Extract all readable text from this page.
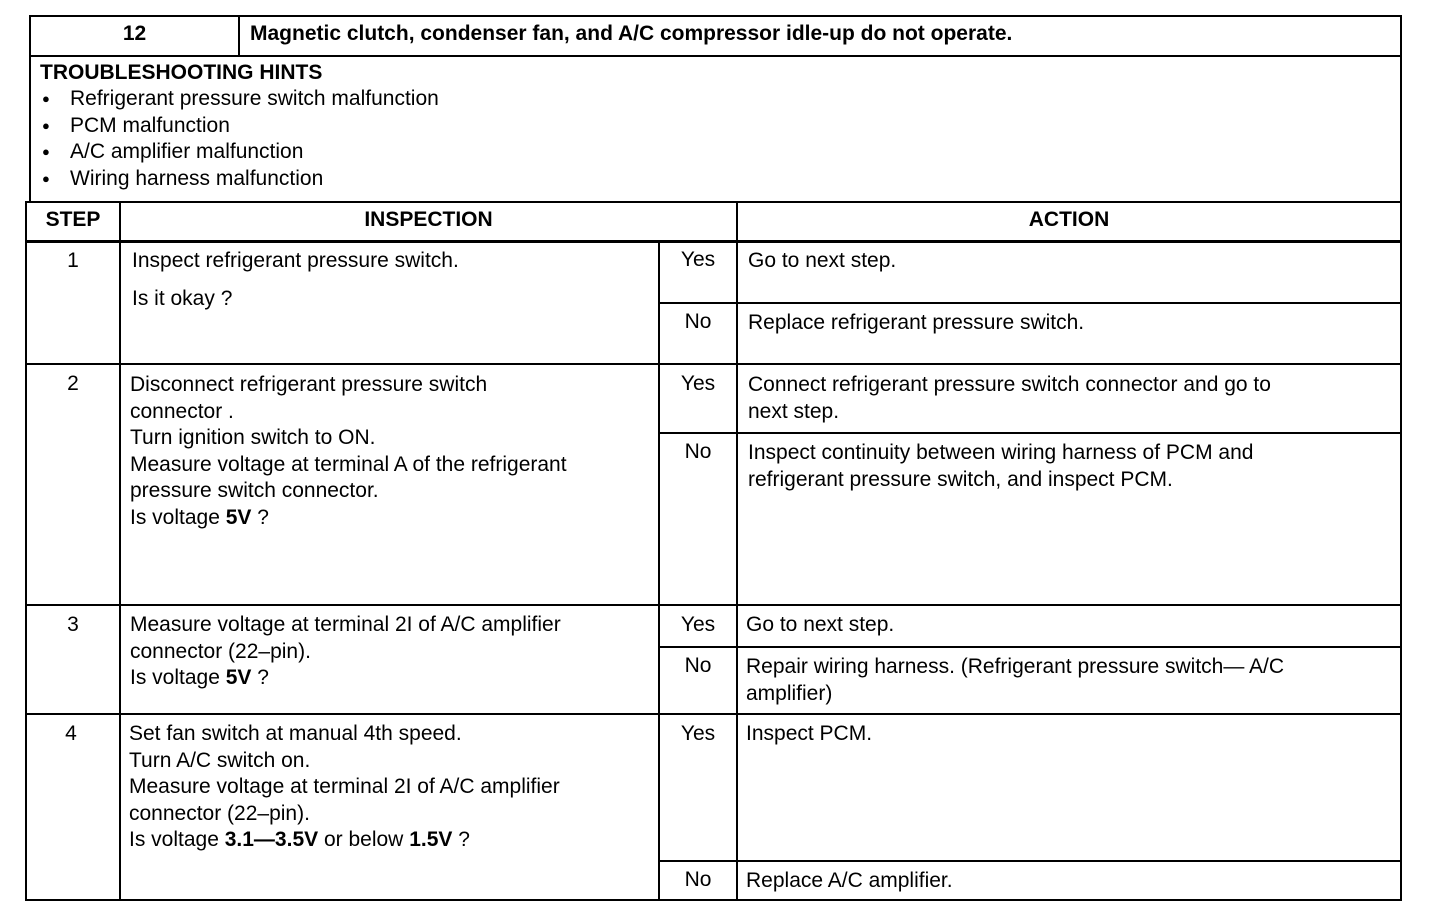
12	Magnetic clutch, condenser fan, and A/C compressor idle-up do not operate.
TROUBLESHOOTING HINTS
● Refrigerant pressure switch malfunction
● PCM malfunction
● A/C amplifier malfunction
● Wiring harness malfunction
STEP	INSPECTION	ACTION
1	Inspect refrigerant pressure switch.
Is it okay ?
Yes	Go to next step.
No	Replace refrigerant pressure switch.
2	Disconnect refrigerant pressure switch
connector .
Turn ignition switch to ON.
Measure voltage at terminal A of the refrigerant
pressure switch connector.
Is voltage 5V ?
Yes	Connect refrigerant pressure switch connector and go to
next step.
No	Inspect continuity between wiring harness of PCM and
refrigerant pressure switch, and inspect PCM.
3	Measure voltage at terminal 2I of A/C amplifier
connector (22–pin).
Is voltage 5V ?
Yes	Go to next step.
No	Repair wiring harness. (Refrigerant pressure switch— A/C
amplifier)
4	Set fan switch at manual 4th speed.
Turn A/C switch on.
Measure voltage at terminal 2I of A/C amplifier
connector (22–pin).
Is voltage 3.1—3.5V or below 1.5V ?
Yes	Inspect PCM.
No	Replace A/C amplifier.
